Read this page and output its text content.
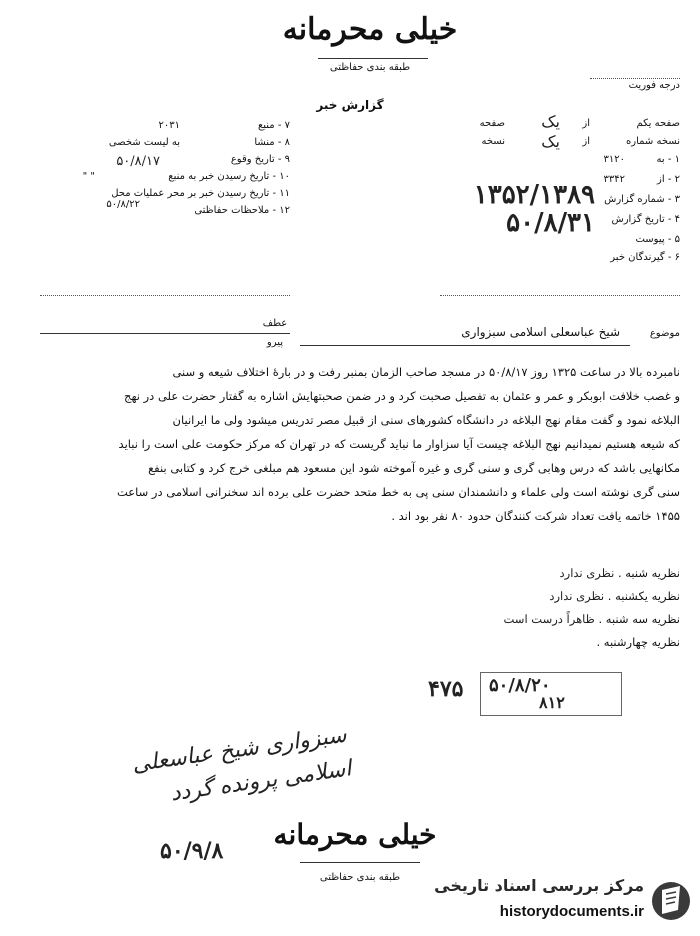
خیلی محرمانه
طبقه بندی حفاظتی
درجه فوریت
گزارش خبر
صفحه یکم
یک از
صفحه
نسخه شماره
یک از
نسخه
۱ - به
۳۱۲۰
۲ - از
۳۳۴۲
۳ - شماره گزارش
۱۳۵۲/۱۳۸۹
۴ - تاریخ گزارش
۵۰/۸/۳۱
۵ - پیوست
۶ - گیرندگان خبر
۷ - منبع
۲۰۳۱
۸ - منشا
به لیست شخصی
۹ - تاریخ وقوع
۵۰/۸/۱۷
۱۰ - تاریخ رسیدن خبر به منبع
" "
۱۱ - تاریخ رسیدن خبر بر محر عملیات محل
۱۲ - ملاحظات حفاظتی
۵۰/۸/۲۲
عطف
پیرو
موضوع
شیخ عباسعلی اسلامی سبزواری
نامبرده بالا در ساعت ۱۳۲۵ روز ۵۰/۸/۱۷ در مسجد صاحب الزمان بمنبر رفت و در بارۀ اختلاف شیعه و سنی
و غصب خلافت ابوبکر و عمر و عثمان به تفصیل صحبت کرد و در ضمن صحبتهایش اشاره به گفتار حضرت علی در نهج
البلاغه نمود و گفت مقام نهج البلاغه در دانشگاه کشورهای سنی از قبیل مصر تدریس میشود ولی ما ایرانیان
که شیعه هستیم نمیدانیم نهج البلاغه چیست آیا سزاوار ما نباید گریست که در تهران که مرکز حکومت علی است را نباید
مکانهایی باشد که درس وهابی گری و سنی گری و غیره آموخته شود این مسعود هم مبلغی خرج کرد و کتابی بنفع
سنی گری نوشته است ولی علماء و دانشمندان سنی پی به خط متحد حضرت علی برده اند سخنرانی اسلامی در ساعت
۱۴۵۵ خاتمه یافت تعداد شرکت کنندگان حدود ۸۰ نفر بود اند .
نظریه شنبه . نظری ندارد
نظریه یکشنبه . نظری ندارد
نظریه سه شنبه . ظاهراً درست است
نظریه چهارشنبه .
۵۰/۸/۲۰
۸۱۲
۴۷۵
سبزواری شیخ عباسعلی اسلامی پرونده گردد
خیلی محرمانه
طبقه بندی حفاظتی
۵۰/۹/۸
مرکز بررسی اسناد تاریخی
historydocuments.ir
